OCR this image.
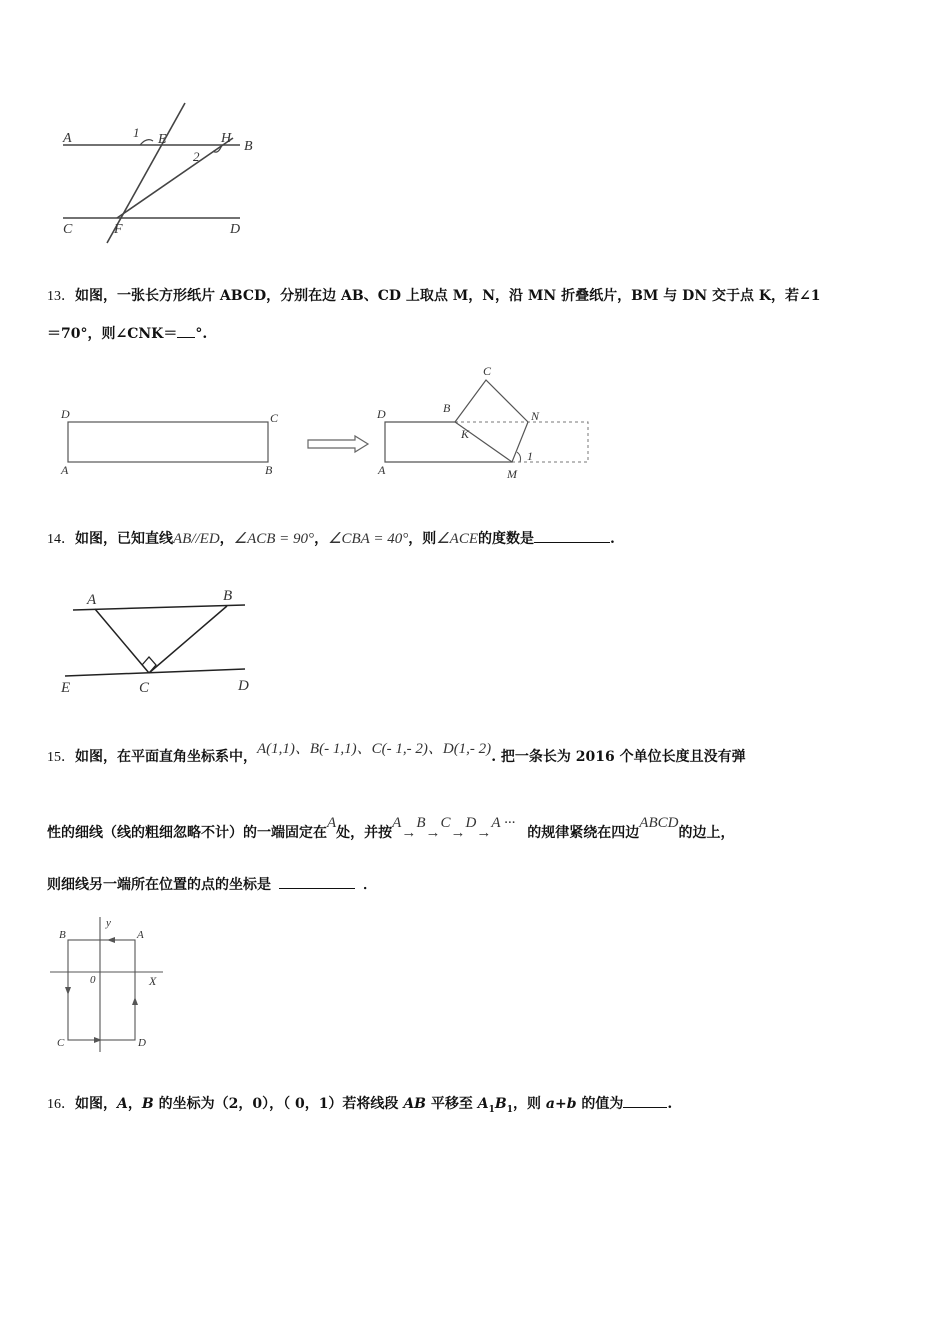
A	1 E	H
B
2
C	F	D
13．如图，一张长方形纸片 ABCD，分别在边 AB、CD 上取点 M，N，沿 MN 折叠纸片，BM 与 DN 交于点 K，若∠1
＝70°，则∠CNK＝ °.
D	C
A	B
C
B
N
D
K
A	M
1
14．如图，已知直线AB//ED，∠ACB = 90°，∠CBA = 40°，则∠ACE的度数是	.
A	B
E	C	D
15．如图，在平面直角坐标系中，A(1,1)、B(- 1,1)、C(- 1,- 2)、D(1,- 2). 把一条长为 2016 个单位长度且没有弹
性的细线（线的粗细忽略不计）的一端固定在A处，并按A→B→C→D→A ···的规律紧绕在四边ABCD的边上，
则细线另一端所在位置的点的坐标是	．
y
B	A
0	X
C	D
16．如图，A，B 的坐标为（2，0），（ 0，1）若将线段 AB 平移至 $A_1B_1$，则 a+b 的值为	.
